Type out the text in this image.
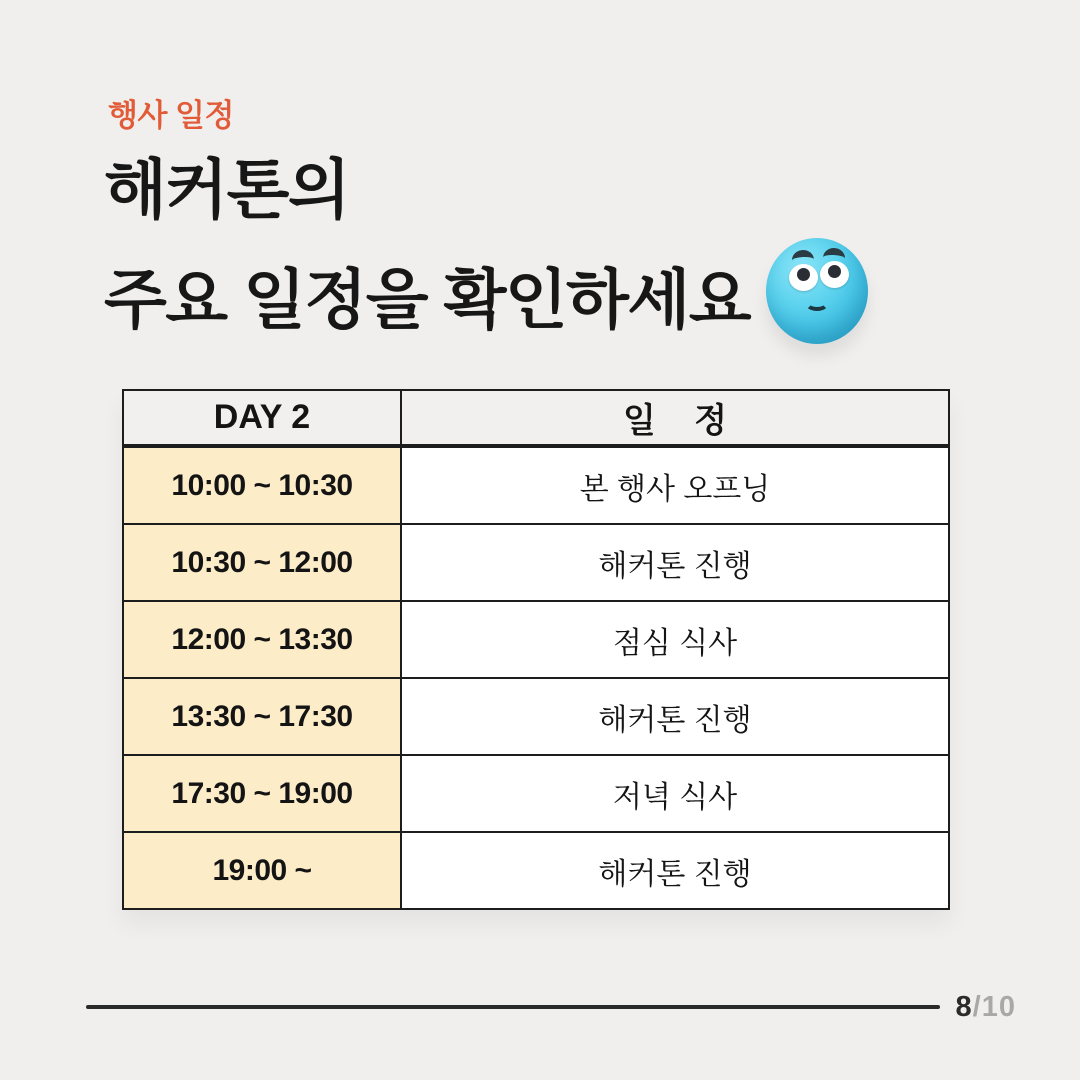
행사 일정
해커톤의
주요 일정을 확인하세요
DAY 2	일 정
10:00 ~ 10:30	본 행사 오프닝
10:30 ~ 12:00	해커톤 진행
12:00 ~ 13:30	점심 식사
13:30 ~ 17:30	해커톤 진행
17:30 ~ 19:00	저녁 식사
19:00 ~	해커톤 진행
8/10
